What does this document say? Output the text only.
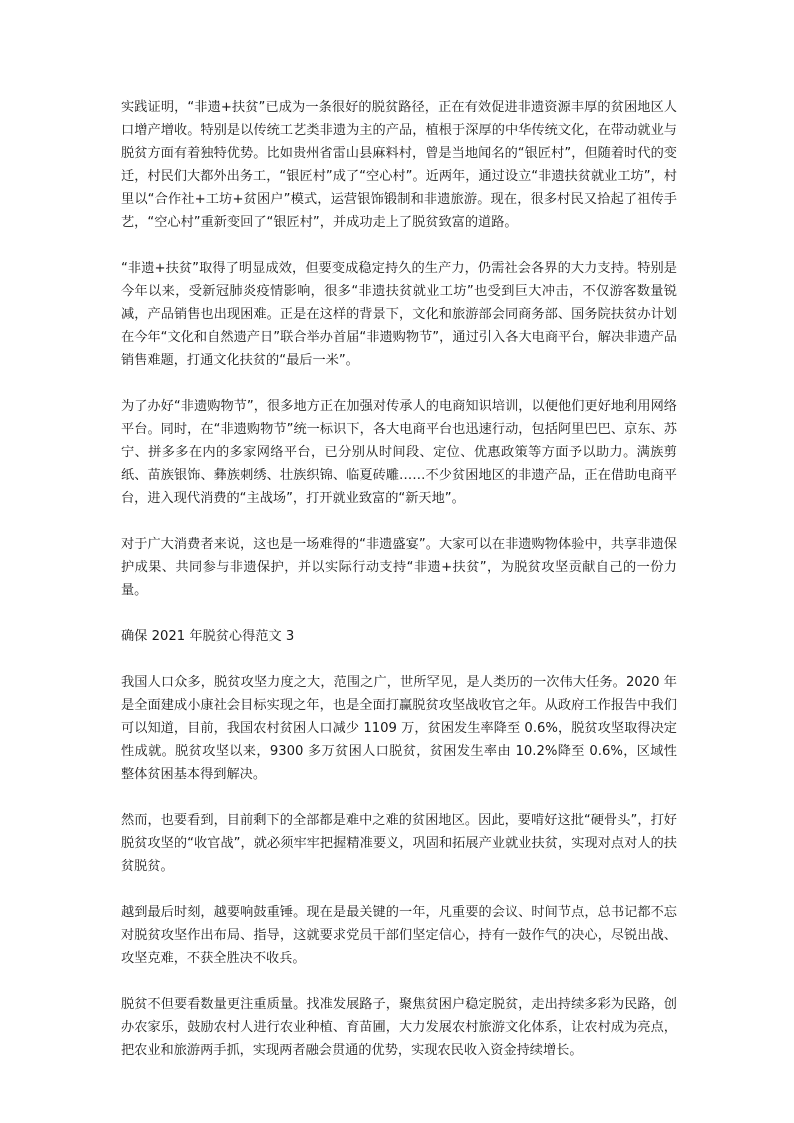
实践证明，“非遗+扶贫”已成为一条很好的脱贫路径，正在有效促进非遗资源丰厚的贫困地区人口增产增收。特别是以传统工艺类非遗为主的产品，植根于深厚的中华传统文化，在带动就业与脱贫方面有着独特优势。比如贵州省雷山县麻料村，曾是当地闻名的“银匠村”，但随着时代的变迁，村民们大都外出务工，“银匠村”成了“空心村”。近两年，通过设立“非遗扶贫就业工坊”，村里以“合作社+工坊+贫困户”模式，运营银饰锻制和非遗旅游。现在，很多村民又拾起了祖传手艺，“空心村”重新变回了“银匠村”，并成功走上了脱贫致富的道路。

“非遗+扶贫”取得了明显成效，但要变成稳定持久的生产力，仍需社会各界的大力支持。特别是今年以来，受新冠肺炎疫情影响，很多“非遗扶贫就业工坊”也受到巨大冲击，不仅游客数量锐减，产品销售也出现困难。正是在这样的背景下，文化和旅游部会同商务部、国务院扶贫办计划在今年“文化和自然遗产日”联合举办首届“非遗购物节”，通过引入各大电商平台，解决非遗产品销售难题，打通文化扶贫的“最后一米”。

为了办好“非遗购物节”，很多地方正在加强对传承人的电商知识培训，以便他们更好地利用网络平台。同时，在“非遗购物节”统一标识下，各大电商平台也迅速行动，包括阿里巴巴、京东、苏宁、拼多多在内的多家网络平台，已分别从时间段、定位、优惠政策等方面予以助力。满族剪纸、苗族银饰、彝族刺绣、壮族织锦、临夏砖雕……不少贫困地区的非遗产品，正在借助电商平台，进入现代消费的“主战场”，打开就业致富的“新天地”。

对于广大消费者来说，这也是一场难得的“非遗盛宴”。大家可以在非遗购物体验中，共享非遗保护成果、共同参与非遗保护，并以实际行动支持“非遗+扶贫”，为脱贫攻坚贡献自己的一份力量。

确保 2021 年脱贫心得范文 3

我国人口众多，脱贫攻坚力度之大，范围之广，世所罕见，是人类历的一次伟大任务。2020 年是全面建成小康社会目标实现之年，也是全面打赢脱贫攻坚战收官之年。从政府工作报告中我们可以知道，目前，我国农村贫困人口减少 1109 万，贫困发生率降至 0.6%，脱贫攻坚取得决定性成就。脱贫攻坚以来，9300 多万贫困人口脱贫，贫困发生率由 10.2%降至 0.6%，区域性整体贫困基本得到解决。

然而，也要看到，目前剩下的全部都是难中之难的贫困地区。因此，要啃好这批“硬骨头”，打好脱贫攻坚的“收官战”，就必须牢牢把握精准要义，巩固和拓展产业就业扶贫，实现对点对人的扶贫脱贫。

越到最后时刻，越要响鼓重锤。现在是最关键的一年，凡重要的会议、时间节点，总书记都不忘对脱贫攻坚作出布局、指导，这就要求党员干部们坚定信心，持有一鼓作气的决心，尽锐出战、攻坚克难，不获全胜决不收兵。

脱贫不但要看数量更注重质量。找准发展路子，聚焦贫困户稳定脱贫，走出持续多彩为民路，创办农家乐，鼓励农村人进行农业种植、育苗圃，大力发展农村旅游文化体系，让农村成为亮点，把农业和旅游两手抓，实现两者融会贯通的优势，实现农民收入资金持续增长。
